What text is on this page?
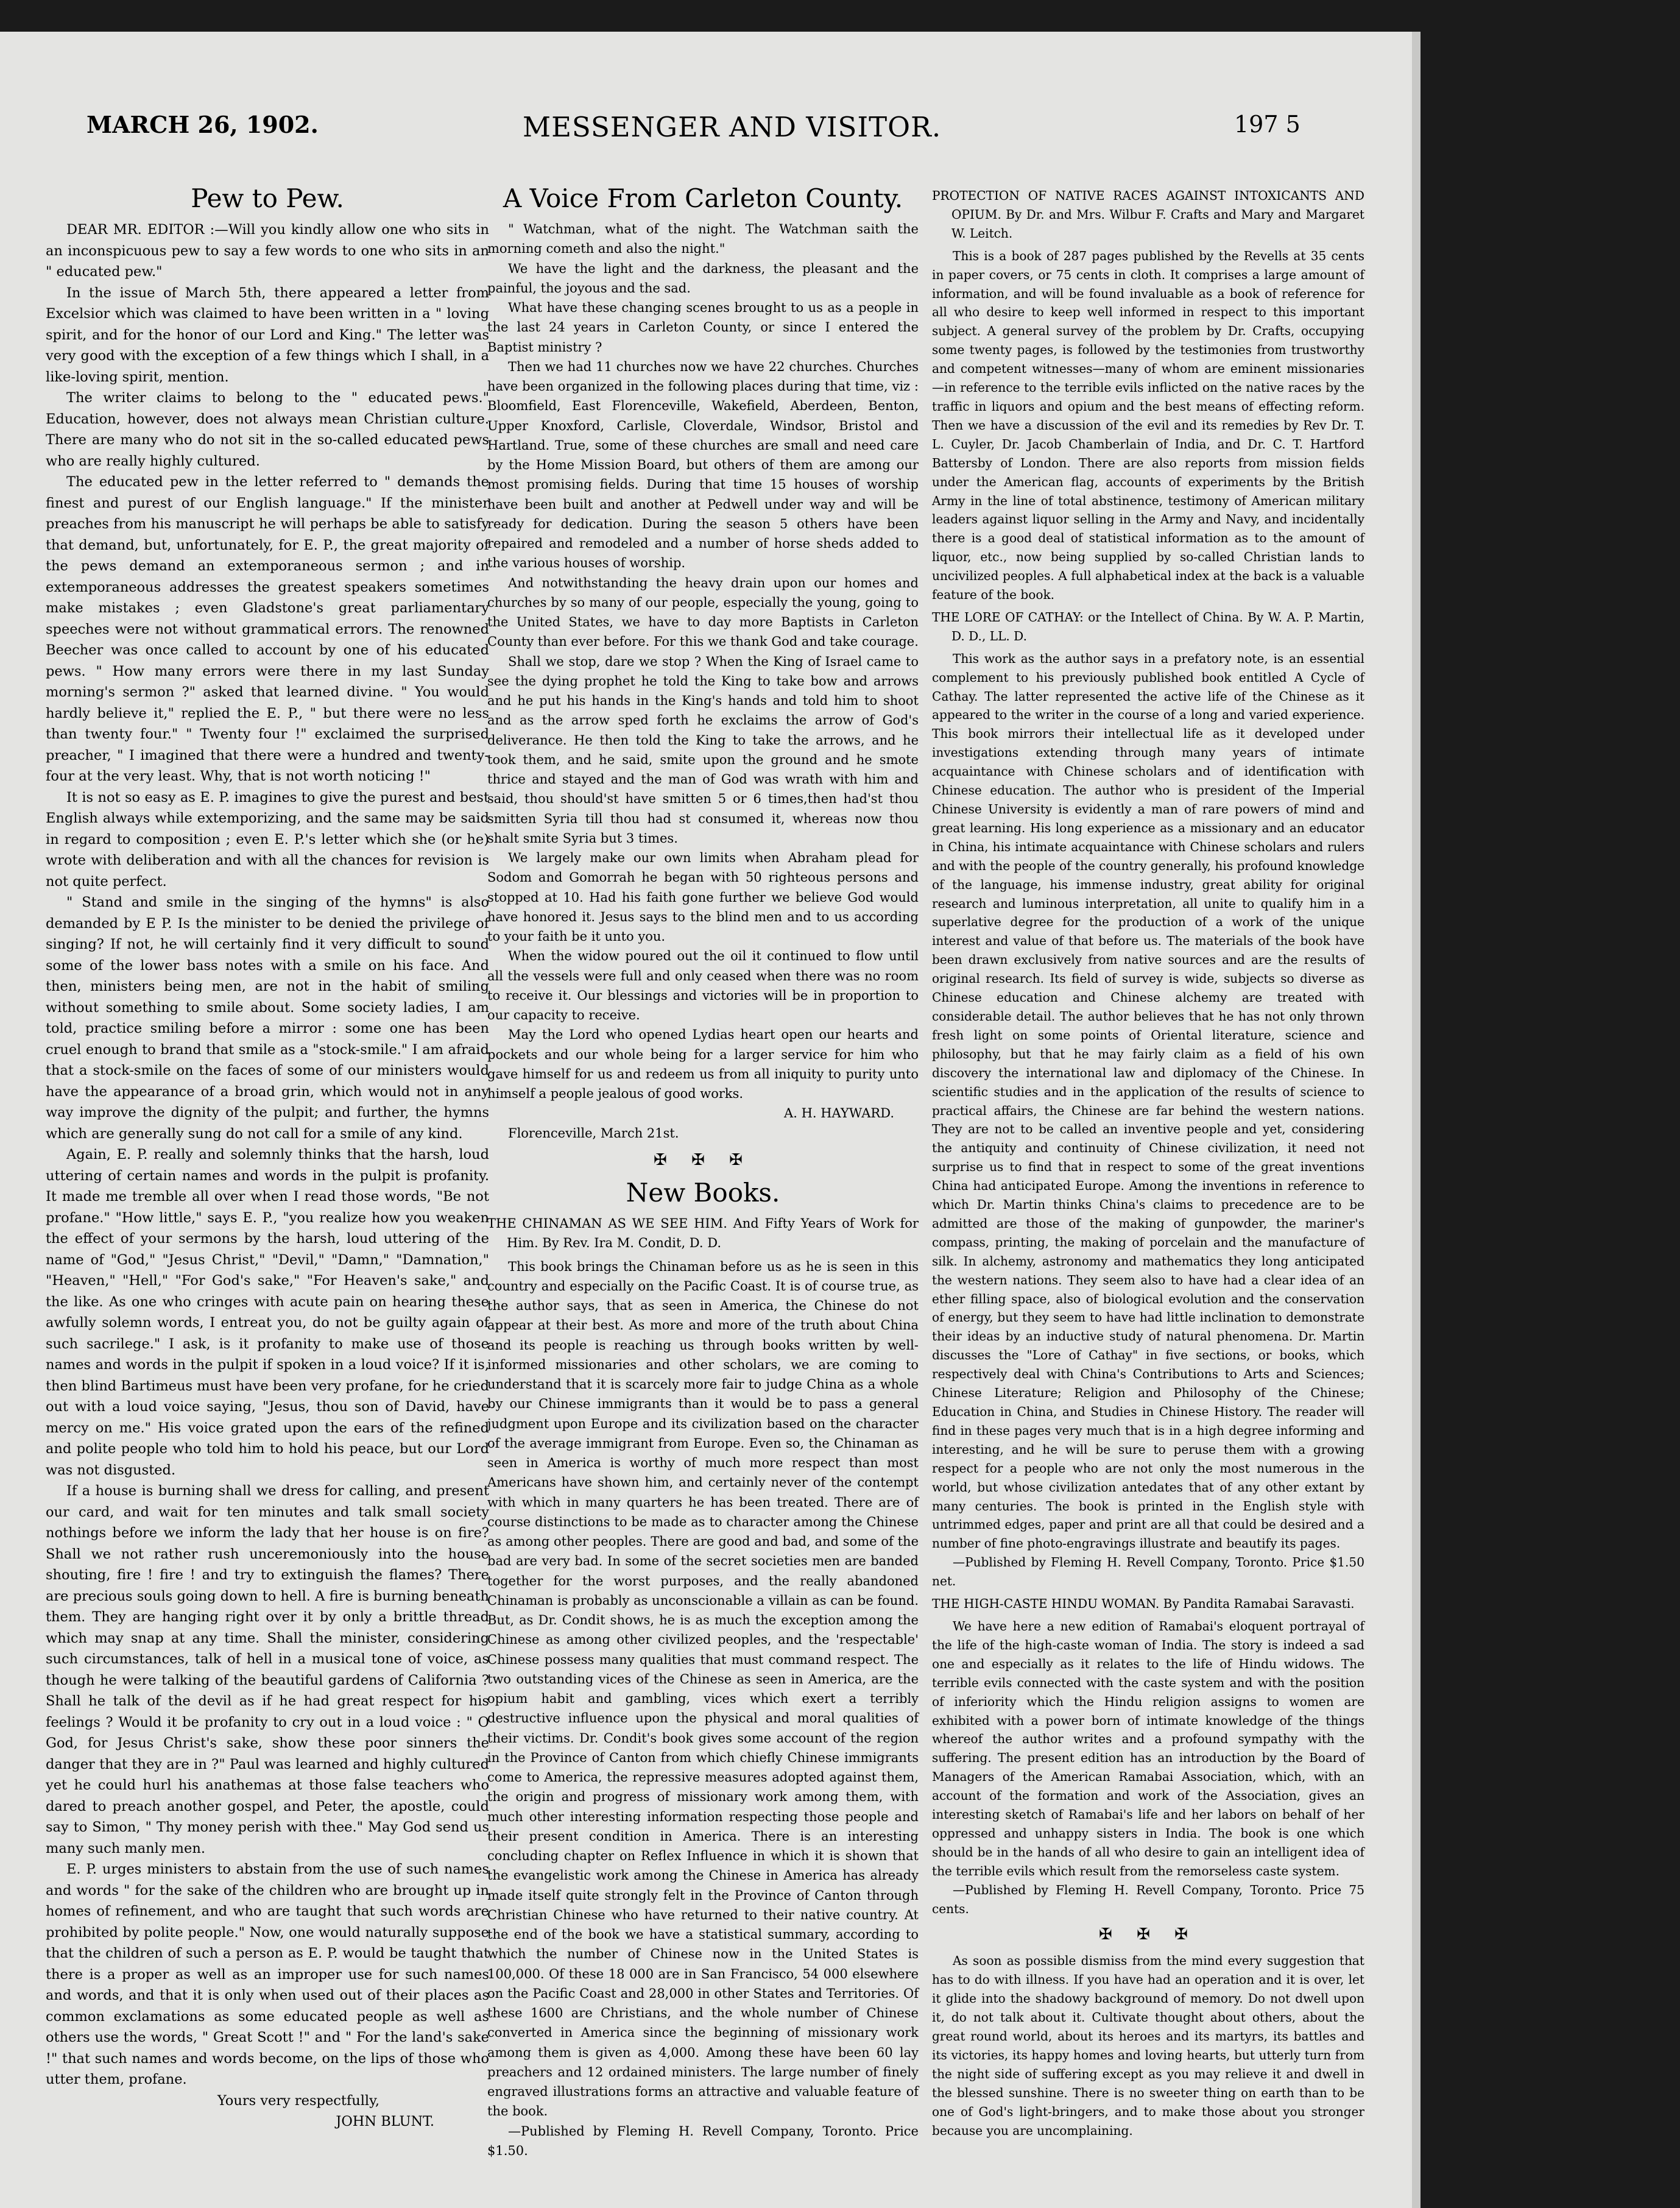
MARCH 26, 1902.	MESSENGER AND VISITOR.	197 5
Pew to Pew.

DEAR MR. EDITOR :—Will you kindly allow one who sits in an inconspicuous pew to say a few words to one who sits in an " educated pew."

In the issue of March 5th, there appeared a letter from Excelsior which was claimed to have been written in a " loving spirit, and for the honor of our Lord and King." The letter was very good with the exception of a few things which I shall, in a like-loving spirit, mention.

The writer claims to belong to the " educated pews." Education, however, does not always mean Christian culture. There are many who do not sit in the so-called educated pews who are really highly cultured.

The educated pew in the letter referred to " demands the finest and purest of our English language." If the minister preaches from his manuscript he will perhaps be able to satisfy that demand, but, unfortunately, for E. P., the great majority of the pews demand an extemporaneous sermon ; and in extemporaneous addresses the greatest speakers sometimes make mistakes ; even Gladstone's great parliamentary speeches were not without grammatical errors. The renowned Beecher was once called to account by one of his educated pews. " How many errors were there in my last Sunday morning's sermon ?" asked that learned divine. " You would hardly believe it," replied the E. P., " but there were no less than twenty four." " Twenty four !" exclaimed the surprised preacher, " I imagined that there were a hundred and twenty-four at the very least. Why, that is not worth noticing !"

It is not so easy as E. P. imagines to give the purest and best English always while extemporizing, and the same may be said in regard to composition ; even E. P.'s letter which she (or he) wrote with deliberation and with all the chances for revision is not quite perfect.

" Stand and smile in the singing of the hymns" is also demanded by E P. Is the minister to be denied the privilege of singing? If not, he will certainly find it very difficult to sound some of the lower bass notes with a smile on his face. And then, ministers being men, are not in the habit of smiling without something to smile about. Some society ladies, I am told, practice smiling before a mirror : some one has been cruel enough to brand that smile as a "stock-smile." I am afraid that a stock-smile on the faces of some of our ministers would have the appearance of a broad grin, which would not in any way improve the dignity of the pulpit; and further, the hymns which are generally sung do not call for a smile of any kind.

Again, E. P. really and solemnly thinks that the harsh, loud uttering of certain names and words in the pulpit is profanity. It made me tremble all over when I read those words, "Be not profane." "How little," says E. P., "you realize how you weaken the effect of your sermons by the harsh, loud uttering of the name of "God," "Jesus Christ," "Devil," "Damn," "Damnation," "Heaven," "Hell," "For God's sake," "For Heaven's sake," and the like. As one who cringes with acute pain on hearing these awfully solemn words, I entreat you, do not be guilty again of such sacrilege." I ask, is it profanity to make use of those names and words in the pulpit if spoken in a loud voice? If it is, then blind Bartimeus must have been very profane, for he cried out with a loud voice saying, "Jesus, thou son of David, have mercy on me." His voice grated upon the ears of the refined and polite people who told him to hold his peace, but our Lord was not disgusted.

If a house is burning shall we dress for calling, and present our card, and wait for ten minutes and talk small society nothings before we inform the lady that her house is on fire? Shall we not rather rush unceremoniously into the house shouting, fire ! fire ! and try to extinguish the flames? There are precious souls going down to hell. A fire is burning beneath them. They are hanging right over it by only a brittle thread which may snap at any time. Shall the minister, considering such circumstances, talk of hell in a musical tone of voice, as though he were talking of the beautiful gardens of California ? Shall he talk of the devil as if he had great respect for his feelings ? Would it be profanity to cry out in a loud voice : " O God, for Jesus Christ's sake, show these poor sinners the danger that they are in ?" Paul was learned and highly cultured yet he could hurl his anathemas at those false teachers who dared to preach another gospel, and Peter, the apostle, could say to Simon, " Thy money perish with thee." May God send us many such manly men.

E. P. urges ministers to abstain from the use of such names and words " for the sake of the children who are brought up in homes of refinement, and who are taught that such words are prohibited by polite people." Now, one would naturally suppose that the children of such a person as E. P. would be taught that there is a proper as well as an improper use for such names and words, and that it is only when used out of their places as common exclamations as some educated people as well as others use the words, " Great Scott !" and " For the land's sake !" that such names and words become, on the lips of those who utter them, profane.

Yours very respectfully,

JOHN BLUNT.

A Voice From Carleton County.

" Watchman, what of the night. The Watchman saith the morning cometh and also the night."

We have the light and the darkness, the pleasant and the painful, the joyous and the sad.

What have these changing scenes brought to us as a people in the last 24 years in Carleton County, or since I entered the Baptist ministry ?

Then we had 11 churches now we have 22 churches. Churches have been organized in the following places during that time, viz : Bloomfield, East Florenceville, Wakefield, Aberdeen, Benton, Upper Knoxford, Carlisle, Cloverdale, Windsor, Bristol and Hartland. True, some of these churches are small and need care by the Home Mission Board, but others of them are among our most promising fields. During that time 15 houses of worship have been built and another at Pedwell under way and will be ready for dedication. During the season 5 others have been repaired and remodeled and a number of horse sheds added to the various houses of worship.

And notwithstanding the heavy drain upon our homes and churches by so many of our people, especially the young, going to the United States, we have to day more Baptists in Carleton County than ever before. For this we thank God and take courage.

Shall we stop, dare we stop ? When the King of Israel came to see the dying prophet he told the King to take bow and arrows and he put his hands in the King's hands and told him to shoot and as the arrow sped forth he exclaims the arrow of God's deliverance. He then told the King to take the arrows, and he took them, and he said, smite upon the ground and he smote thrice and stayed and the man of God was wrath with him and said, thou should'st have smitten 5 or 6 times,then had'st thou smitten Syria till thou had st consumed it, whereas now thou shalt smite Syria but 3 times.

We largely make our own limits when Abraham plead for Sodom and Gomorrah he began with 50 righteous persons and stopped at 10. Had his faith gone further we believe God would have honored it. Jesus says to the blind men and to us according to your faith be it unto you.

When the widow poured out the oil it continued to flow until all the vessels were full and only ceased when there was no room to receive it. Our blessings and victories will be in proportion to our capacity to receive.

May the Lord who opened Lydias heart open our hearts and pockets and our whole being for a larger service for him who gave himself for us and redeem us from all iniquity to purity unto himself a people jealous of good works.

A. H. HAYWARD.

Florenceville, March 21st.

✠ ✠ ✠
New Books.

THE CHINAMAN AS WE SEE HIM. And Fifty Years of Work for Him. By Rev. Ira M. Condit, D. D.

This book brings the Chinaman before us as he is seen in this country and especially on the Pacific Coast. It is of course true, as the author says, that as seen in America, the Chinese do not appear at their best. As more and more of the truth about China and its people is reaching us through books written by well-informed missionaries and other scholars, we are coming to understand that it is scarcely more fair to judge China as a whole by our Chinese immigrants than it would be to pass a general judgment upon Europe and its civilization based on the character of the average immigrant from Europe. Even so, the Chinaman as seen in America is worthy of much more respect than most Americans have shown him, and certainly never of the contempt with which in many quarters he has been treated. There are of course distinctions to be made as to character among the Chinese as among other peoples. There are good and bad, and some of the bad are very bad. In some of the secret societies men are banded together for the worst purposes, and the really abandoned Chinaman is probably as unconscionable a villain as can be found. But, as Dr. Condit shows, he is as much the exception among the Chinese as among other civilized peoples, and the 'respectable' Chinese possess many qualities that must command respect. The two outstanding vices of the Chinese as seen in America, are the opium habit and gambling, vices which exert a terribly destructive influence upon the physical and moral qualities of their victims. Dr. Condit's book gives some account of the region in the Province of Canton from which chiefly Chinese immigrants come to America, the repressive measures adopted against them, the origin and progress of missionary work among them, with much other interesting information respecting those people and their present condition in America. There is an interesting concluding chapter on Reflex Influence in which it is shown that the evangelistic work among the Chinese in America has already made itself quite strongly felt in the Province of Canton through Christian Chinese who have returned to their native country. At the end of the book we have a statistical summary, according to which the number of Chinese now in the United States is 100,000. Of these 18 000 are in San Francisco, 54 000 elsewhere on the Pacific Coast and 28,000 in other States and Territories. Of these 1600 are Christians, and the whole number of Chinese converted in America since the beginning of missionary work among them is given as 4,000. Among these have been 60 lay preachers and 12 ordained ministers. The large number of finely engraved illustrations forms an attractive and valuable feature of the book.

—Published by Fleming H. Revell Company, Toronto. Price $1.50.

PROTECTION OF NATIVE RACES AGAINST INTOXICANTS AND OPIUM. By Dr. and Mrs. Wilbur F. Crafts and Mary and Margaret W. Leitch.

This is a book of 287 pages published by the Revells at 35 cents in paper covers, or 75 cents in cloth. It comprises a large amount of information, and will be found invaluable as a book of reference for all who desire to keep well informed in respect to this important subject. A general survey of the problem by Dr. Crafts, occupying some twenty pages, is followed by the testimonies from trustworthy and competent witnesses—many of whom are eminent missionaries—in reference to the terrible evils inflicted on the native races by the traffic in liquors and opium and the best means of effecting reform. Then we have a discussion of the evil and its remedies by Rev Dr. T. L. Cuyler, Dr. Jacob Chamberlain of India, and Dr. C. T. Hartford Battersby of London. There are also reports from mission fields under the American flag, accounts of experiments by the British Army in the line of total abstinence, testimony of American military leaders against liquor selling in the Army and Navy, and incidentally there is a good deal of statistical information as to the amount of liquor, etc., now being supplied by so-called Christian lands to uncivilized peoples. A full alphabetical index at the back is a valuable feature of the book.

THE LORE OF CATHAY: or the Intellect of China. By W. A. P. Martin, D. D., LL. D.

This work as the author says in a prefatory note, is an essential complement to his previously published book entitled A Cycle of Cathay. The latter represented the active life of the Chinese as it appeared to the writer in the course of a long and varied experience. This book mirrors their intellectual life as it developed under investigations extending through many years of intimate acquaintance with Chinese scholars and of identification with Chinese education. The author who is president of the Imperial Chinese University is evidently a man of rare powers of mind and great learning. His long experience as a missionary and an educator in China, his intimate acquaintance with Chinese scholars and rulers and with the people of the country generally, his profound knowledge of the language, his immense industry, great ability for original research and luminous interpretation, all unite to qualify him in a superlative degree for the production of a work of the unique interest and value of that before us. The materials of the book have been drawn exclusively from native sources and are the results of original research. Its field of survey is wide, subjects so diverse as Chinese education and Chinese alchemy are treated with considerable detail. The author believes that he has not only thrown fresh light on some points of Oriental literature, science and philosophy, but that he may fairly claim as a field of his own discovery the international law and diplomacy of the Chinese. In scientific studies and in the application of the results of science to practical affairs, the Chinese are far behind the western nations. They are not to be called an inventive people and yet, considering the antiquity and continuity of Chinese civilization, it need not surprise us to find that in respect to some of the great inventions China had anticipated Europe. Among the inventions in reference to which Dr. Martin thinks China's claims to precedence are to be admitted are those of the making of gunpowder, the mariner's compass, printing, the making of porcelain and the manufacture of silk. In alchemy, astronomy and mathematics they long anticipated the western nations. They seem also to have had a clear idea of an ether filling space, also of biological evolution and the conservation of energy, but they seem to have had little inclination to demonstrate their ideas by an inductive study of natural phenomena. Dr. Martin discusses the "Lore of Cathay" in five sections, or books, which respectively deal with China's Contributions to Arts and Sciences; Chinese Literature; Religion and Philosophy of the Chinese; Education in China, and Studies in Chinese History. The reader will find in these pages very much that is in a high degree informing and interesting, and he will be sure to peruse them with a growing respect for a people who are not only the most numerous in the world, but whose civilization antedates that of any other extant by many centuries. The book is printed in the English style with untrimmed edges, paper and print are all that could be desired and a number of fine photo-engravings illustrate and beautify its pages.

—Published by Fleming H. Revell Company, Toronto. Price $1.50 net.

THE HIGH-CASTE HINDU WOMAN. By Pandita Ramabai Saravasti.

We have here a new edition of Ramabai's eloquent portrayal of the life of the high-caste woman of India. The story is indeed a sad one and especially as it relates to the life of Hindu widows. The terrible evils connected with the caste system and with the position of inferiority which the Hindu religion assigns to women are exhibited with a power born of intimate knowledge of the things whereof the author writes and a profound sympathy with the suffering. The present edition has an introduction by the Board of Managers of the American Ramabai Association, which, with an account of the formation and work of the Association, gives an interesting sketch of Ramabai's life and her labors on behalf of her oppressed and unhappy sisters in India. The book is one which should be in the hands of all who desire to gain an intelligent idea of the terrible evils which result from the remorseless caste system.

—Published by Fleming H. Revell Company, Toronto. Price 75 cents.

✠ ✠ ✠

As soon as possible dismiss from the mind every suggestion that has to do with illness. If you have had an operation and it is over, let it glide into the shadowy background of memory. Do not dwell upon it, do not talk about it. Cultivate thought about others, about the great round world, about its heroes and its martyrs, its battles and its victories, its happy homes and loving hearts, but utterly turn from the night side of suffering except as you may relieve it and dwell in the blessed sunshine. There is no sweeter thing on earth than to be one of God's light-bringers, and to make those about you stronger because you are uncomplaining.
